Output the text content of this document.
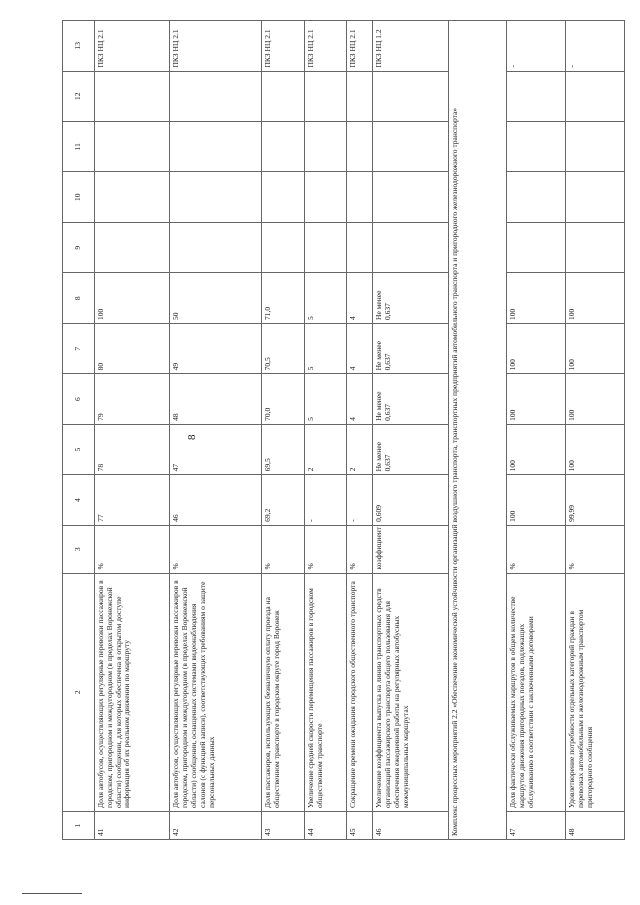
8
1	2	3	4	5	6	7	8	9	10	11	12	13
41	Доля автобусов, осуществляющих регулярные перевозки пассажиров в городском, пригородном и междугородном (в пределах Воронежской области) сообщении, для которых обеспечена в открытом доступе информация об их реальном движении по маршруту	%	77	78	79	80	100					ПКЗ НЦ 2.1
42	Доля автобусов, осуществляющих регулярные перевозки пассажиров в городском, пригородном и междугородном (в пределах Воронежской области) сообщении, оснащенных системами видеонаблюдения салонов (с функцией записи), соответствующих требованиям о защите персональных данных	%	46	47	48	49	50					ПКЗ НЦ 2.1
43	Доля пассажиров, использующих безналичную оплату проезда на общественном транспорте в городском округе город Воронеж	%	69,2	69,5	70,0	70,5	71,0					ПКЗ НЦ 2.1
44	Увеличение средней скорости перемещения пассажиров в городском общественном транспорте	%	-	2	5	5	5					ПКЗ НЦ 2.1
45	Сокращение времени ожидания городского общественного транспорта	%	-	2	4	4	4					ПКЗ НЦ 2.1
46	Увеличение коэффициента выпуска на линию транспортных средств организаций пассажирского транспорта общего пользования для обеспечения ежедневной работы на регулярных автобусных межмуниципальных маршрутах	коэффициент	0,609	Не менее 0,637	Не менее 0,637	Не менее 0,637	Не менее 0,637					ПКЗ НЦ 1.2
Комплекс процессных мероприятий 2.2 «Обеспечение экономической устойчивости организаций воздушного транспорта, транспортных предприятий автомобильного транспорта и пригородного железнодорожного транспорта»												
47	Доля фактически обслуживаемых маршрутов в общем количестве маршрутов движения пригородных поездов, подлежащих обслуживанию в соответствии с заключенными договорами	%	100	100	100	100	100					-
48	Удовлетворение потребности отдельных категорий граждан в перевозках автомобильным и железнодорожным транспортом пригородного сообщения	%	99,99	100	100	100	100					-
